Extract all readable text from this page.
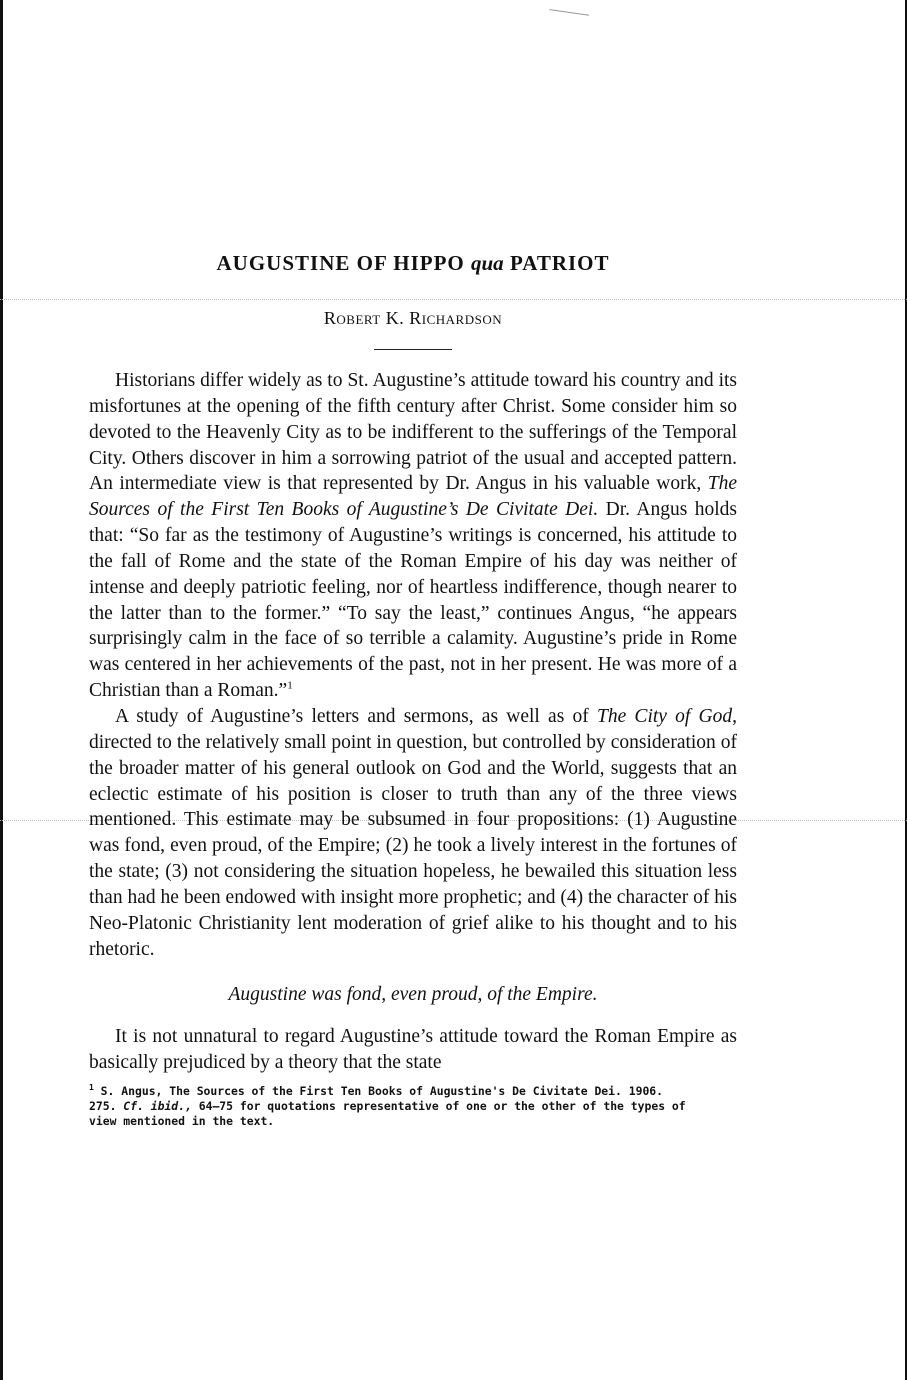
AUGUSTINE OF HIPPO qua PATRIOT

Robert K. Richardson

Historians differ widely as to St. Augustine’s attitude toward his country and its misfortunes at the opening of the fifth century after Christ. Some consider him so devoted to the Heavenly City as to be indifferent to the sufferings of the Temporal City. Others discover in him a sorrowing patriot of the usual and accepted pattern. An intermediate view is that represented by Dr. Angus in his valuable work, The Sources of the First Ten Books of Augustine’s De Civitate Dei. Dr. Angus holds that: “So far as the testimony of Augustine’s writings is concerned, his attitude to the fall of Rome and the state of the Roman Empire of his day was neither of intense and deeply patriotic feeling, nor of heartless indifference, though nearer to the latter than to the former.” “To say the least,” continues Angus, “he appears surprisingly calm in the face of so terrible a calamity. Augustine’s pride in Rome was centered in her achievements of the past, not in her present. He was more of a Christian than a Roman.”$^1$

A study of Augustine’s letters and sermons, as well as of The City of God, directed to the relatively small point in question, but controlled by consideration of the broader matter of his general outlook on God and the World, suggests that an eclectic estimate of his position is closer to truth than any of the three views mentioned. This estimate may be subsumed in four propositions: (1) Augustine was fond, even proud, of the Empire; (2) he took a lively interest in the fortunes of the state; (3) not considering the situation hopeless, he bewailed this situation less than had he been endowed with insight more prophetic; and (4) the character of his Neo-Platonic Christianity lent moderation of grief alike to his thought and to his rhetoric.

Augustine was fond, even proud, of the Empire.

It is not unnatural to regard Augustine’s attitude toward the Roman Empire as basically prejudiced by a theory that the state

$^1$ S. Angus, The Sources of the First Ten Books of Augustine's De Civitate Dei. 1906.
275. Cf. ibid., 64–75 for quotations representative of one or the other of the types of
view mentioned in the text.
